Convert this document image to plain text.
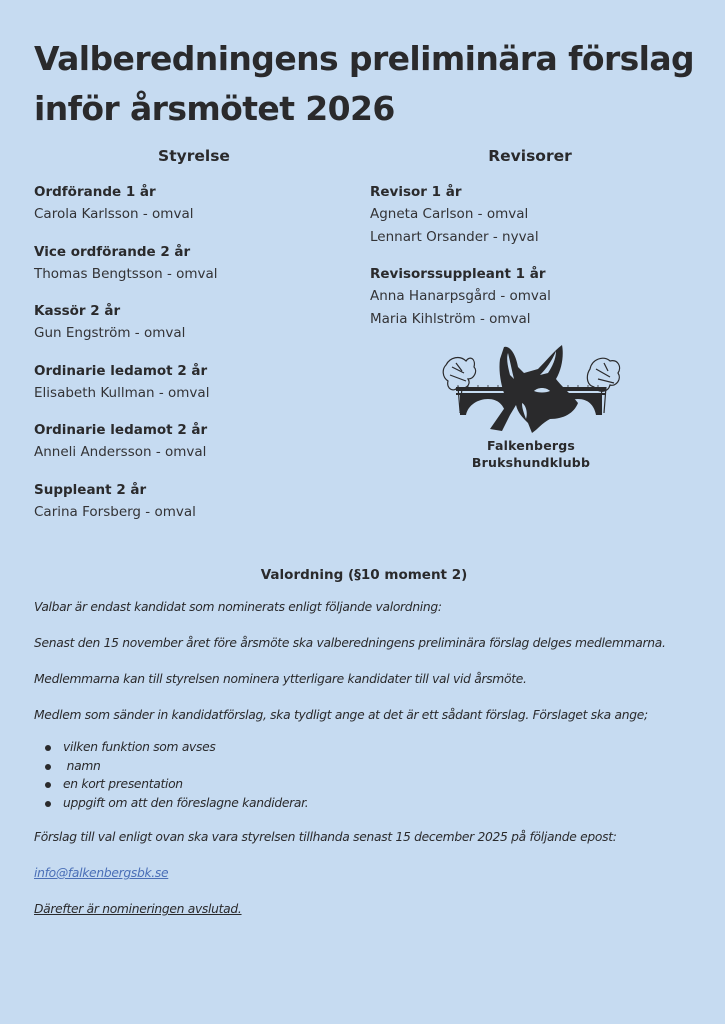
Valberedningens preliminära förslag
inför årsmötet 2026
Styrelse
Ordförande 1 år
Carola Karlsson - omval
Vice ordförande 2 år
Thomas Bengtsson - omval
Kassör 2 år
Gun Engström - omval
Ordinarie ledamot 2 år
Elisabeth Kullman - omval
Ordinarie ledamot 2 år
Anneli Andersson - omval
Suppleant 2 år
Carina Forsberg - omval
Revisorer
Revisor 1 år
Agneta Carlson - omval
Lennart Orsander - nyval
Revisorssuppleant 1 år
Anna Hanarpsgård - omval
Maria Kihlström - omval
Falkenbergs
Brukshundklubb
Valordning (§10 moment 2)

Valbar är endast kandidat som nominerats enligt följande valordning:

Senast den 15 november året före årsmöte ska valberedningens preliminära förslag delges medlemmarna.

Medlemmarna kan till styrelsen nominera ytterligare kandidater till val vid årsmöte.

Medlem som sänder in kandidatförslag, ska tydligt ange at det är ett sådant förslag. Förslaget ska ange;

vilken funktion som avses
namn
en kort presentation
uppgift om att den föreslagne kandiderar.

Förslag till val enligt ovan ska vara styrelsen tillhanda senast 15 december 2025 på följande epost:

info@falkenbergsbk.se

Därefter är nomineringen avslutad.
